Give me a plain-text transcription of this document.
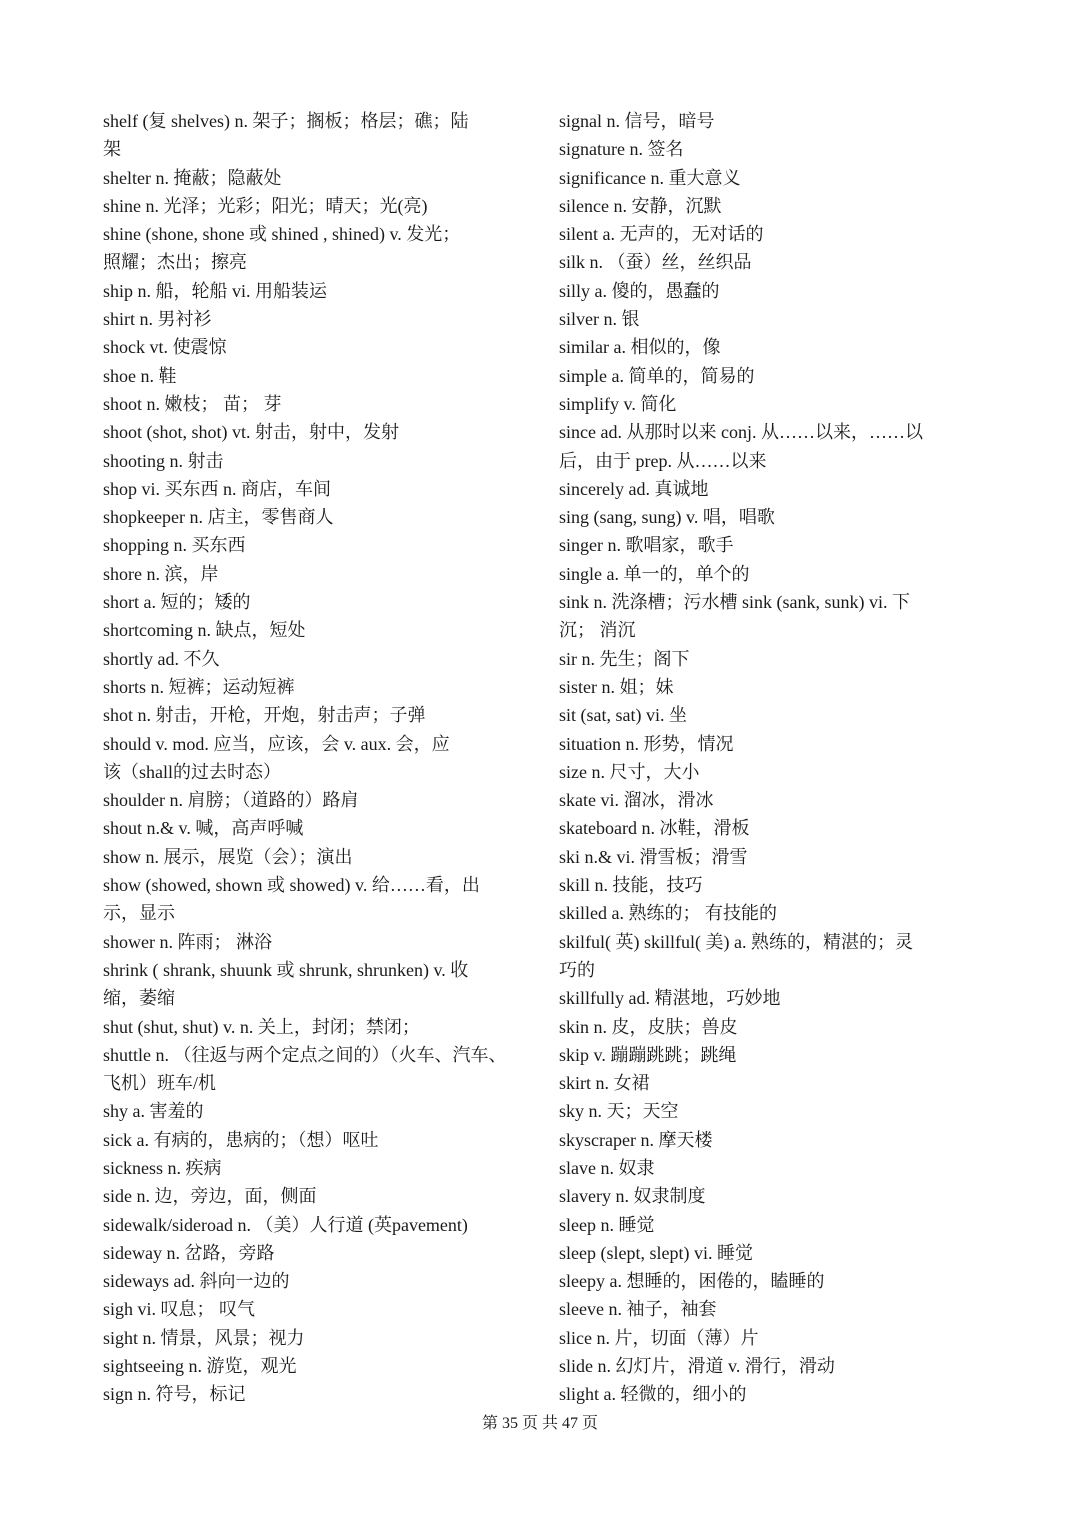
shelf (复 shelves) n. 架子；搁板；格层；礁；陆
架
shelter n. 掩蔽；隐蔽处
shine n. 光泽；光彩；阳光；晴天；光(亮)
shine (shone, shone 或 shined , shined) v. 发光；
照耀；杰出；擦亮
ship n. 船，轮船 vi. 用船装运
shirt n. 男衬衫
shock vt. 使震惊
shoe n. 鞋
shoot n. 嫩枝； 苗； 芽
shoot (shot, shot) vt. 射击，射中，发射
shooting n. 射击
shop vi. 买东西 n. 商店，车间
shopkeeper n. 店主，零售商人
shopping n. 买东西
shore n. 滨，岸
short a. 短的；矮的
shortcoming n. 缺点，短处
shortly ad. 不久
shorts n. 短裤；运动短裤
shot n. 射击，开枪，开炮，射击声；子弹
should v. mod. 应当，应该，会 v. aux. 会，应
该（shall的过去时态）
shoulder n. 肩膀；（道路的）路肩
shout n.& v. 喊，高声呼喊
show n. 展示，展览（会）；演出
show (showed, shown 或 showed) v. 给……看，出
示，显示
shower n. 阵雨； 淋浴
shrink ( shrank, shuunk 或 shrunk, shrunken) v. 收
缩，萎缩
shut (shut, shut) v. n. 关上，封闭；禁闭；
shuttle n. （往返与两个定点之间的）（火车、汽车、
飞机）班车/机
shy a. 害羞的
sick a. 有病的，患病的；（想）呕吐
sickness n. 疾病
side n. 边，旁边，面，侧面
sidewalk/sideroad n. （美）人行道 (英pavement)
sideway n. 岔路，旁路
sideways ad. 斜向一边的
sigh vi. 叹息； 叹气
sight n. 情景，风景；视力
sightseeing n. 游览，观光
sign n. 符号，标记
signal n. 信号，暗号
signature n. 签名
significance n. 重大意义
silence n. 安静，沉默
silent a. 无声的，无对话的
silk n. （蚕）丝，丝织品
silly a. 傻的，愚蠢的
silver n. 银
similar a. 相似的，像
simple a. 简单的，简易的
simplify v. 简化
since ad. 从那时以来 conj. 从……以来，……以
后，由于 prep. 从……以来
sincerely ad. 真诚地
sing (sang, sung) v. 唱，唱歌
singer n. 歌唱家，歌手
single a. 单一的，单个的
sink n. 洗涤槽；污水槽 sink (sank, sunk) vi. 下
沉； 消沉
sir n. 先生；阁下
sister n. 姐；妹
sit (sat, sat) vi. 坐
situation n. 形势，情况
size n. 尺寸，大小
skate vi. 溜冰，滑冰
skateboard n. 冰鞋，滑板
ski n.& vi. 滑雪板；滑雪
skill n. 技能，技巧
skilled a. 熟练的； 有技能的
skilful( 英) skillful( 美) a. 熟练的，精湛的；灵
巧的
skillfully ad. 精湛地，巧妙地
skin n. 皮，皮肤；兽皮
skip v. 蹦蹦跳跳；跳绳
skirt n. 女裙
sky n. 天；天空
skyscraper n. 摩天楼
slave n. 奴隶
slavery n. 奴隶制度
sleep n. 睡觉
sleep (slept, slept) vi. 睡觉
sleepy a. 想睡的，困倦的，瞌睡的
sleeve n. 袖子，袖套
slice n. 片，切面（薄）片
slide n. 幻灯片，滑道 v. 滑行，滑动
slight a. 轻微的，细小的
第 35 页 共 47 页
